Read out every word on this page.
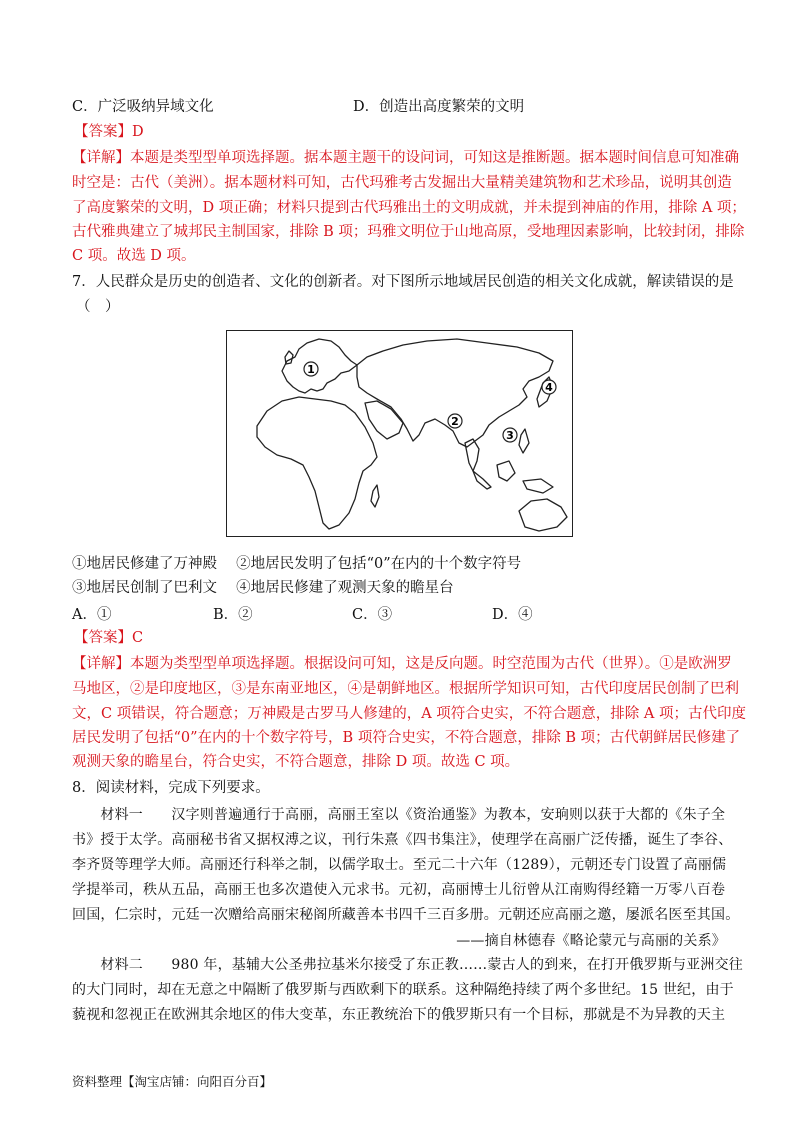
C．广泛吸纳异域文化	D．创造出高度繁荣的文明
【答案】D
【详解】本题是类型型单项选择题。据本题主题干的设问词，可知这是推断题。据本题时间信息可知准确
时空是：古代（美洲）。据本题材料可知，古代玛雅考古发掘出大量精美建筑物和艺术珍品，说明其创造
了高度繁荣的文明，D 项正确；材料只提到古代玛雅出土的文明成就，并未提到神庙的作用，排除 A 项；
古代雅典建立了城邦民主制国家，排除 B 项；玛雅文明位于山地高原，受地理因素影响，比较封闭，排除
C 项。故选 D 项。
7．人民群众是历史的创造者、文化的创新者。对下图所示地域居民创造的相关文化成就，解读错误的是
（　）
1
2
3
4
①地居民修建了万神殿　 ②地居民发明了包括“0”在内的十个数字符号
③地居民创制了巴利文　 ④地居民修建了观测天象的瞻星台
A．①	B．②	C．③	D．④
【答案】C
【详解】本题为类型型单项选择题。根据设问可知，这是反向题。时空范围为古代（世界）。①是欧洲罗
马地区，②是印度地区，③是东南亚地区，④是朝鲜地区。根据所学知识可知，古代印度居民创制了巴利
文，C 项错误，符合题意；万神殿是古罗马人修建的，A 项符合史实，不符合题意，排除 A 项；古代印度
居民发明了包括“0”在内的十个数字符号，B 项符合史实，不符合题意，排除 B 项；古代朝鲜居民修建了
观测天象的瞻星台，符合史实，不符合题意，排除 D 项。故选 C 项。
8．阅读材料，完成下列要求。
　　材料一　　汉字则普遍通行于高丽，高丽王室以《资治通鉴》为教本，安珦则以获于大都的《朱子全
书》授于太学。高丽秘书省又据权溥之议，刊行朱熹《四书集注》，使理学在高丽广泛传播，诞生了李谷、
李齐贤等理学大师。高丽还行科举之制，以儒学取士。至元二十六年（1289），元朝还专门设置了高丽儒
学提举司，秩从五品，高丽王也多次遣使入元求书。元初，高丽博士儿衍曾从江南购得经籍一万零八百卷
回国，仁宗时，元廷一次赠给高丽宋秘阁所藏善本书四千三百多册。元朝还应高丽之邀，屡派名医至其国。
——摘自林德春《略论蒙元与高丽的关系》
　　材料二　　980 年，基辅大公圣弗拉基米尔接受了东正教……蒙古人的到来，在打开俄罗斯与亚洲交往
的大门同时，却在无意之中隔断了俄罗斯与西欧剩下的联系。这种隔绝持续了两个多世纪。15 世纪，由于
藐视和忽视正在欧洲其余地区的伟大变革，东正教统治下的俄罗斯只有一个目标，那就是不为异教的天主
资料整理【淘宝店铺：向阳百分百】
